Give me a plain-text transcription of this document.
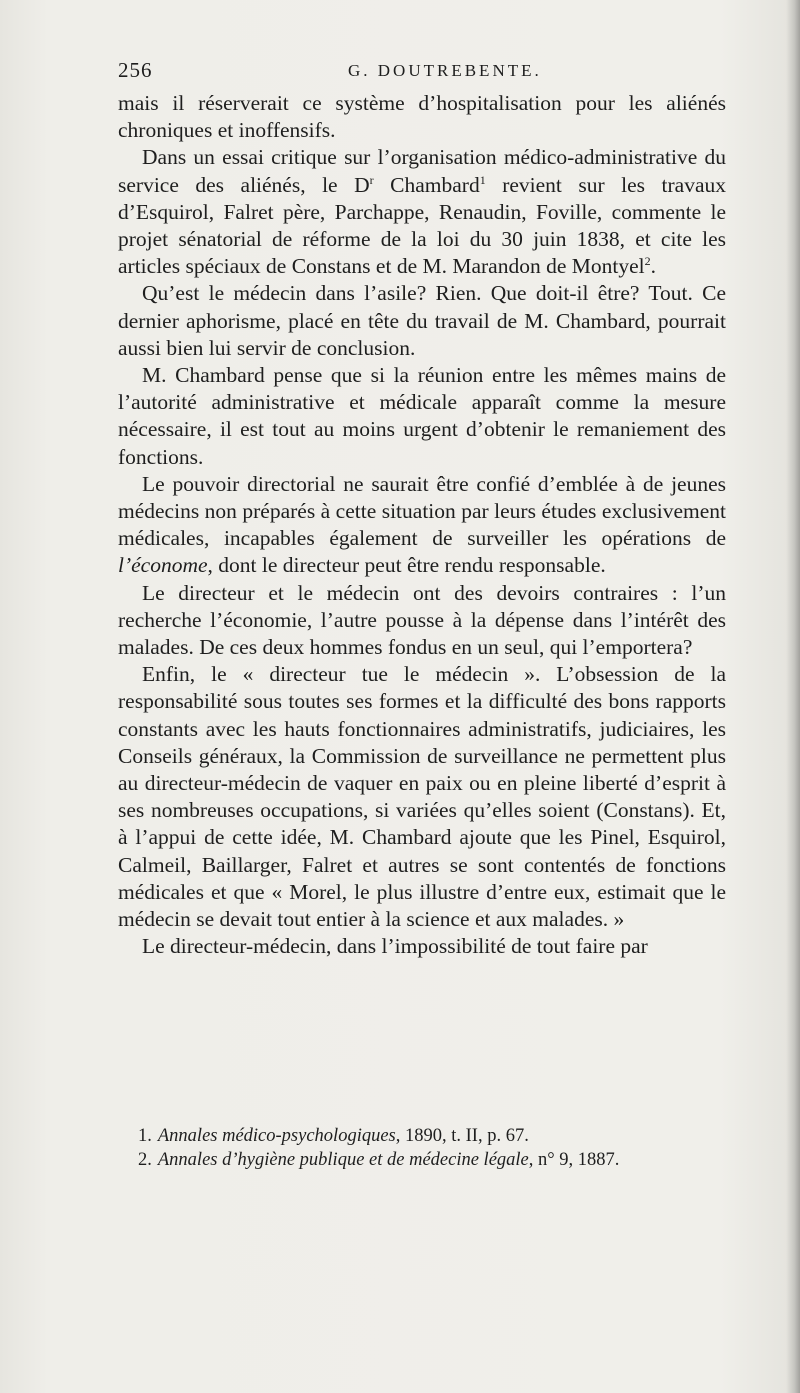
256	G. DOUTREBENTE.

mais il réserverait ce système d’hospitalisation pour les aliénés chroniques et inoffensifs.

Dans un essai critique sur l’organisation médico-administrative du service des aliénés, le $D^r$ Chambard$^1$ revient sur les travaux d’Esquirol, Falret père, Parchappe, Renaudin, Foville, commente le projet sénatorial de réforme de la loi du 30 juin 1838, et cite les articles spéciaux de Constans et de M. Marandon de Montyel$^2$.

Qu’est le médecin dans l’asile? Rien. Que doit-il être? Tout. Ce dernier aphorisme, placé en tête du travail de M. Chambard, pourrait aussi bien lui servir de conclusion.

M. Chambard pense que si la réunion entre les mêmes mains de l’autorité administrative et médicale apparaît comme la mesure nécessaire, il est tout au moins urgent d’obtenir le remaniement des fonctions.

Le pouvoir directorial ne saurait être confié d’emblée à de jeunes médecins non préparés à cette situation par leurs études exclusivement médicales, incapables également de surveiller les opérations de l’économe, dont le directeur peut être rendu responsable.

Le directeur et le médecin ont des devoirs contraires : l’un recherche l’économie, l’autre pousse à la dépense dans l’intérêt des malades. De ces deux hommes fondus en un seul, qui l’emportera?

Enfin, le « directeur tue le médecin ». L’obsession de la responsabilité sous toutes ses formes et la difficulté des bons rapports constants avec les hauts fonctionnaires administratifs, judiciaires, les Conseils généraux, la Commission de surveillance ne permettent plus au directeur-médecin de vaquer en paix ou en pleine liberté d’esprit à ses nombreuses occupations, si variées qu’elles soient (Constans). Et, à l’appui de cette idée, M. Chambard ajoute que les Pinel, Esquirol, Calmeil, Baillarger, Falret et autres se sont contentés de fonctions médicales et que « Morel, le plus illustre d’entre eux, estimait que le médecin se devait tout entier à la science et aux malades. »

Le directeur-médecin, dans l’impossibilité de tout faire par

1. Annales médico-psychologiques, 1890, t. II, p. 67.
2. Annales d’hygiène publique et de médecine légale, n° 9, 1887.
